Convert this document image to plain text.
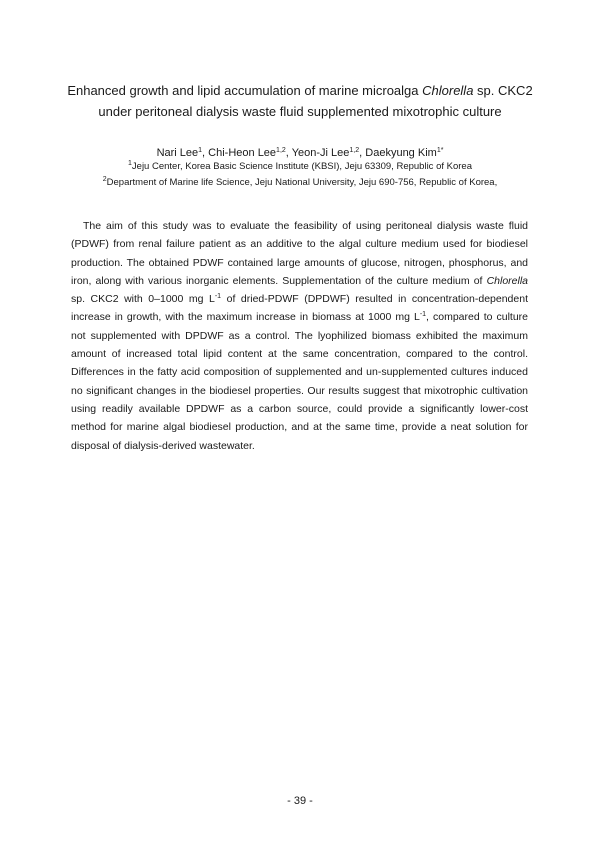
Enhanced growth and lipid accumulation of marine microalga Chlorella sp. CKC2
under peritoneal dialysis waste fluid supplemented mixotrophic culture
Nari Lee$^1$, Chi-Heon Lee$^{1,2}$, Yeon-Ji Lee$^{1,2}$, Daekyung Kim$^{1*}$
$^1$Jeju Center, Korea Basic Science Institute (KBSI), Jeju 63309, Republic of Korea
$^2$Department of Marine life Science, Jeju National University, Jeju 690-756, Republic of Korea,

The aim of this study was to evaluate the feasibility of using peritoneal dialysis waste fluid (PDWF) from renal failure patient as an additive to the algal culture medium used for biodiesel production. The obtained PDWF contained large amounts of glucose, nitrogen, phosphorus, and iron, along with various inorganic elements. Supplementation of the culture medium of Chlorella sp. CKC2 with 0–1000 mg $L^{-1}$ of dried-PDWF (DPDWF) resulted in concentration-dependent increase in growth, with the maximum increase in biomass at 1000 mg $L^{-1}$, compared to culture not supplemented with DPDWF as a control. The lyophilized biomass exhibited the maximum amount of increased total lipid content at the same concentration, compared to the control. Differences in the fatty acid composition of supplemented and un-supplemented cultures induced no significant changes in the biodiesel properties. Our results suggest that mixotrophic cultivation using readily available DPDWF as a carbon source, could provide a significantly lower-cost method for marine algal biodiesel production, and at the same time, provide a neat solution for disposal of dialysis-derived wastewater.

- 39 -
